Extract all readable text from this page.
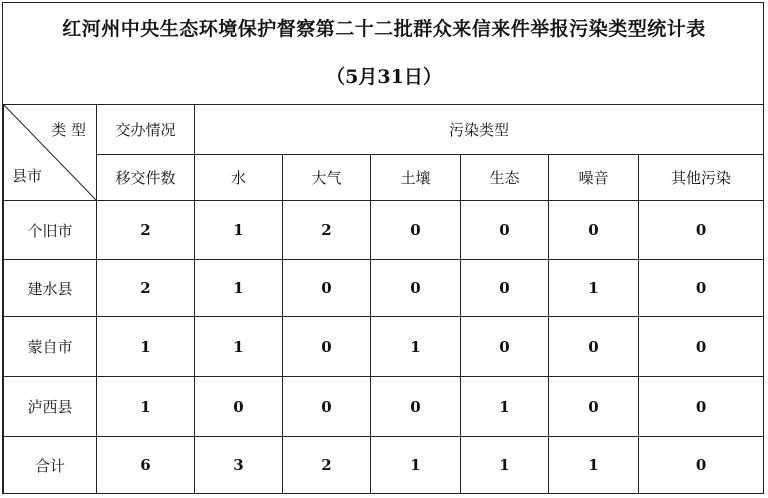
红河州中央生态环境保护督察第二十二批群众来信来件举报污染类型统计表
（5月31日）
类 型
县市	交办情况	污染类型					
	移交件数	水	大气	土壤	生态	噪音	其他污染
个旧市	2	1	2	0	0	0	0
建水县	2	1	0	0	0	1	0
蒙自市	1	1	0	1	0	0	0
泸西县	1	0	0	0	1	0	0
合计	6	3	2	1	1	1	0
